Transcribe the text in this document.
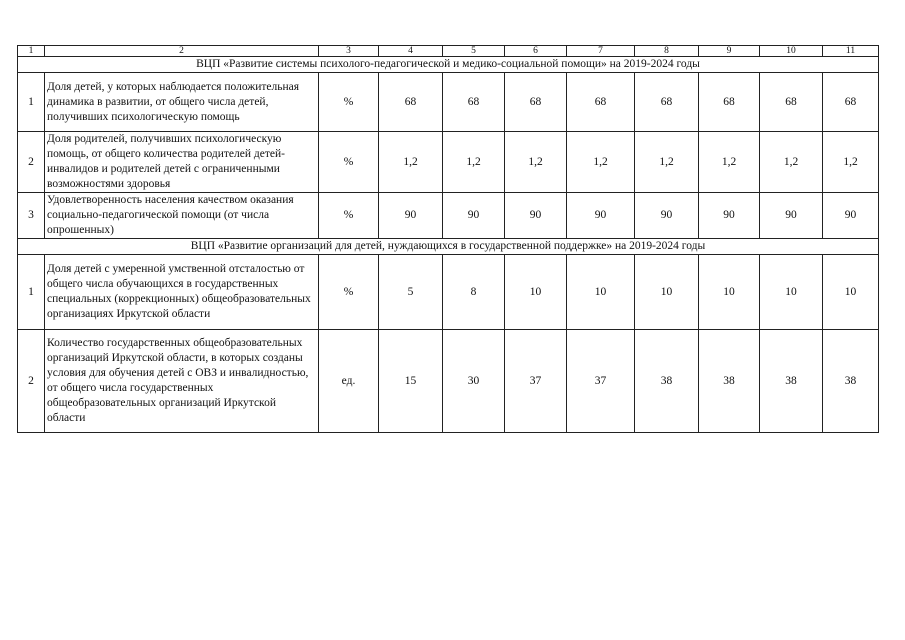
1	2	3	4	5	6	7	8	9	10	11
ВЦП «Развитие системы психолого-педагогической и медико-социальной помощи» на 2019-2024 годы										
1	Доля детей, у которых наблюдается положительная динамика в развитии, от общего числа детей, получивших психологическую помощь	%	68	68	68	68	68	68	68	68
2	Доля родителей, получивших психологическую помощь, от общего количества родителей детей-инвалидов и родителей детей с ограниченными возможностями здоровья	%	1,2	1,2	1,2	1,2	1,2	1,2	1,2	1,2
3	Удовлетворенность населения качеством оказания социально-педагогической помощи (от числа опрошенных)	%	90	90	90	90	90	90	90	90
ВЦП «Развитие организаций для детей, нуждающихся в государственной поддержке» на 2019-2024 годы										
1	Доля детей с умеренной умственной отсталостью от общего числа обучающихся в государственных специальных (коррекционных) общеобразовательных организациях Иркутской области	%	5	8	10	10	10	10	10	10
2	Количество государственных общеобразовательных организаций Иркутской области, в которых созданы условия для обучения детей с ОВЗ и инвалидностью, от общего числа государственных общеобразовательных организаций Иркутской области	ед.	15	30	37	37	38	38	38	38
